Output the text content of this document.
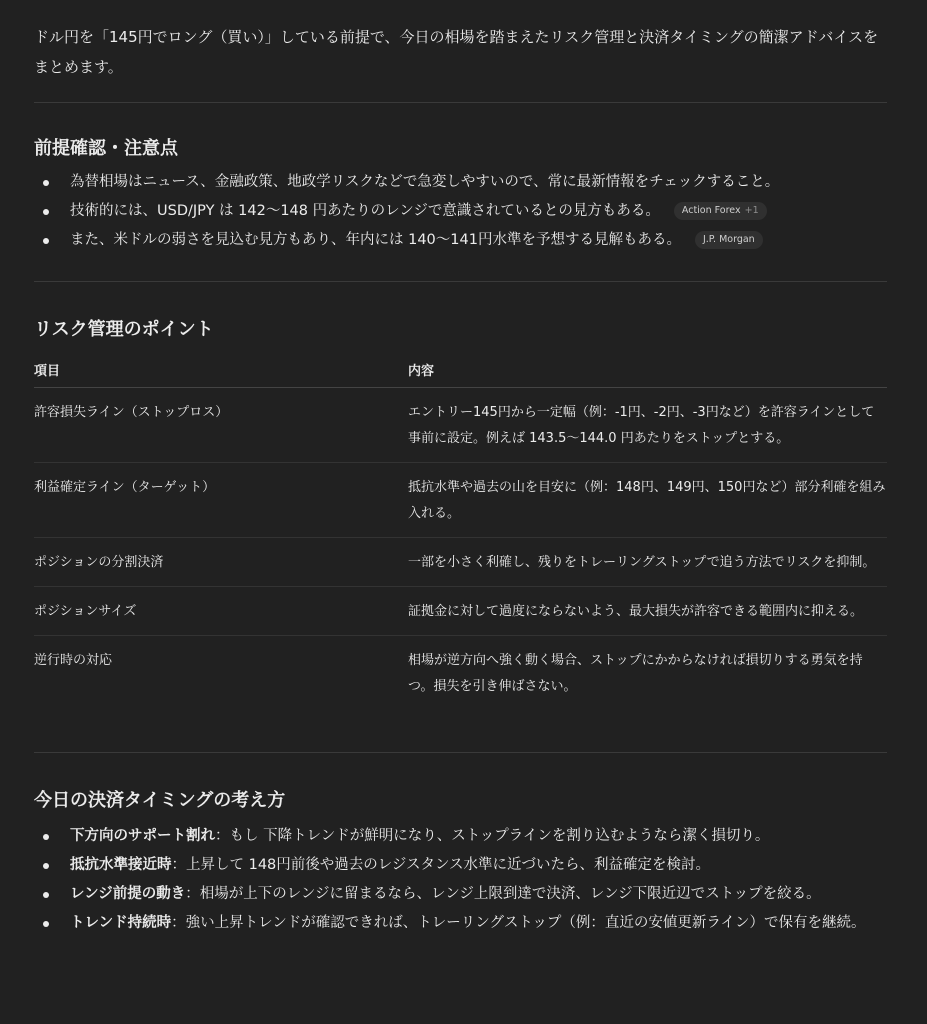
ドル円を「145円でロング（買い）」している前提で、今日の相場を踏まえたリスク管理と決済タイミングの簡潔アドバイスをまとめます。

前提確認・注意点
為替相場はニュース、金融政策、地政学リスクなどで急変しやすいので、常に最新情報をチェックすること。
技術的には、USD/JPY は 142〜148 円あたりのレンジで意識されているとの見方もある。 Action Forex +1
また、米ドルの弱さを見込む見方もあり、年内には 140〜141円水準を予想する見解もある。 J.P. Morgan
リスク管理のポイント
項目	内容
許容損失ライン（ストップロス）	エントリー145円から一定幅（例：-1円、-2円、-3円など）を許容ラインとして事前に設定。例えば 143.5〜144.0 円あたりをストップとする。
利益確定ライン（ターゲット）	抵抗水準や過去の山を目安に（例：148円、149円、150円など）部分利確を組み入れる。
ポジションの分割決済	一部を小さく利確し、残りをトレーリングストップで追う方法でリスクを抑制。
ポジションサイズ	証拠金に対して過度にならないよう、最大損失が許容できる範囲内に抑える。
逆行時の対応	相場が逆方向へ強く動く場合、ストップにかからなければ損切りする勇気を持つ。損失を引き伸ばさない。
今日の決済タイミングの考え方
下方向のサポート割れ：もし 下降トレンドが鮮明になり、ストップラインを割り込むようなら潔く損切り。
抵抗水準接近時：上昇して 148円前後や過去のレジスタンス水準に近づいたら、利益確定を検討。
レンジ前提の動き：相場が上下のレンジに留まるなら、レンジ上限到達で決済、レンジ下限近辺でストップを絞る。
トレンド持続時：強い上昇トレンドが確認できれば、トレーリングストップ（例：直近の安値更新ライン）で保有を継続。
